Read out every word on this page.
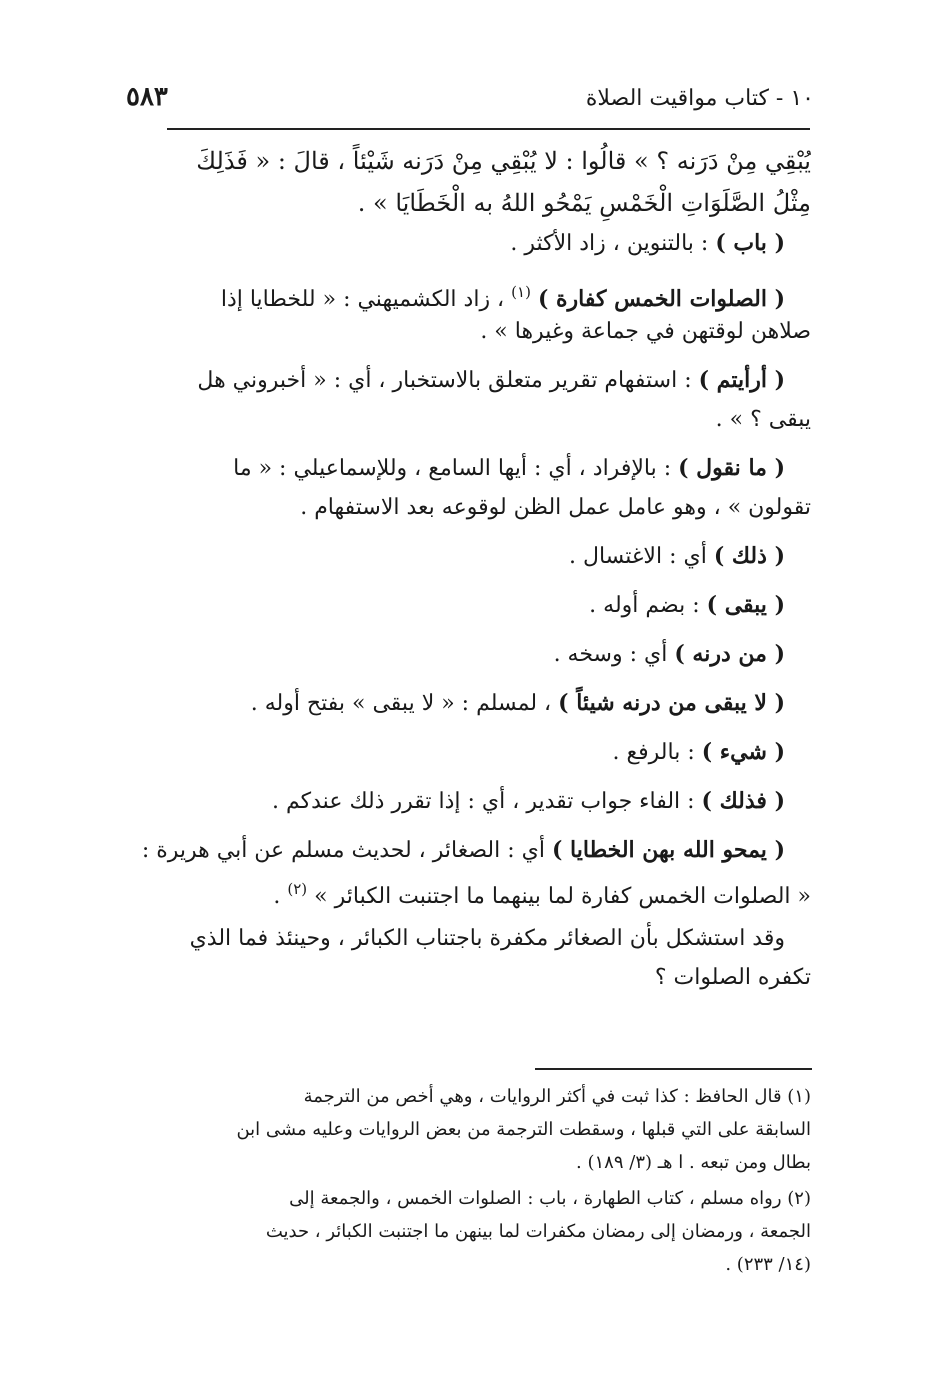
٥٨٣	١٠ - كتاب مواقيت الصلاة
يُبْقِي مِنْ دَرَنه ؟ » قالُوا : لا يُبْقِي مِنْ دَرَنه شَيْئاً ، قالَ : « فَذَلِكَ
مِثْلُ الصَّلَوَاتِ الْخَمْسِ يَمْحُو اللهُ به الْخَطَايَا » .
( باب ) : بالتنوين ، زاد الأكثر .
( الصلوات الخمس كفارة ) $^{(١)}$ ، زاد الكشميهني : « للخطايا إذا
صلاهن لوقتهن في جماعة وغيرها » .
( أرأيتم ) : استفهام تقرير متعلق بالاستخبار ، أي : « أخبروني هل
يبقى ؟ » .
( ما نقول ) : بالإفراد ، أي : أيها السامع ، وللإسماعيلي : « ما
تقولون » ، وهو عامل عمل الظن لوقوعه بعد الاستفهام .
( ذلك ) أي : الاغتسال .
( يبقى ) : بضم أوله .
( من درنه ) أي : وسخه .
( لا يبقى من درنه شيئاً ) ، لمسلم : « لا يبقى » بفتح أوله .
( شيء ) : بالرفع .
( فذلك ) : الفاء جواب تقدير ، أي : إذا تقرر ذلك عندكم .
( يمحو الله بهن الخطايا ) أي : الصغائر ، لحديث مسلم عن أبي هريرة :
« الصلوات الخمس كفارة لما بينهما ما اجتنبت الكبائر » $^{(٢)}$ .
وقد استشكل بأن الصغائر مكفرة باجتناب الكبائر ، وحينئذ فما الذي
تكفره الصلوات ؟
(١) قال الحافظ : كذا ثبت في أكثر الروايات ، وهي أخص من الترجمة
السابقة على التي قبلها ، وسقطت الترجمة من بعض الروايات وعليه مشى ابن
بطال ومن تبعه . ا هـ (٣/ ١٨٩) .
(٢) رواه مسلم ، كتاب الطهارة ، باب : الصلوات الخمس ، والجمعة إلى
الجمعة ، ورمضان إلى رمضان مكفرات لما بينهن ما اجتنبت الكبائر ، حديث
(١٤/ ٢٣٣) .
